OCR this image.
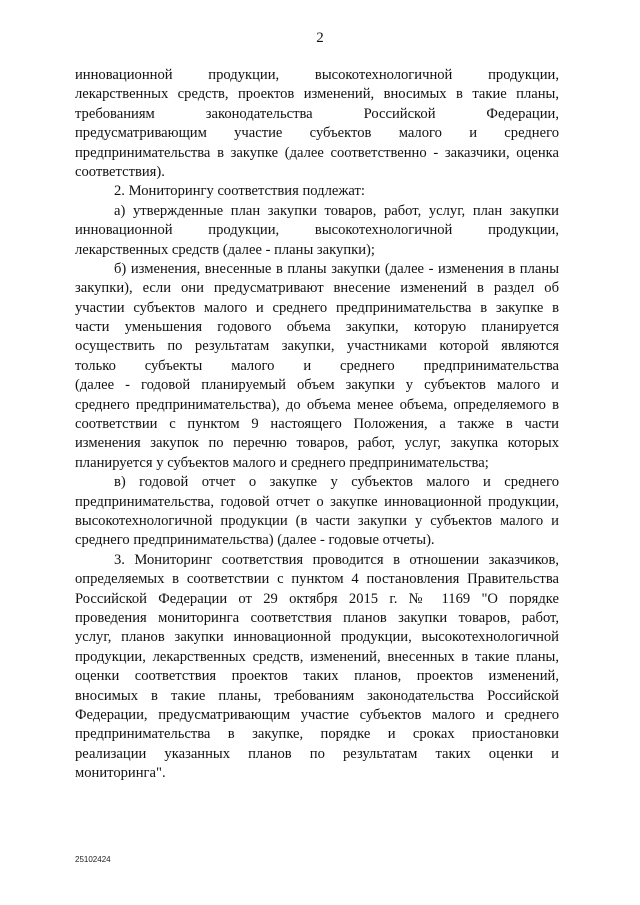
2
инновационной продукции, высокотехнологичной продукции,
лекарственных средств, проектов изменений, вносимых в такие планы,
требованиям законодательства Российской Федерации,
предусматривающим участие субъектов малого и среднего
предпринимательства в закупке (далее соответственно - заказчики, оценка
соответствия).
2. Мониторингу соответствия подлежат:
а) утвержденные план закупки товаров, работ, услуг, план закупки
инновационной продукции, высокотехнологичной продукции,
лекарственных средств (далее - планы закупки);
б) изменения, внесенные в планы закупки (далее - изменения в планы
закупки), если они предусматривают внесение изменений в раздел об
участии субъектов малого и среднего предпринимательства в закупке в
части уменьшения годового объема закупки, которую планируется
осуществить по результатам закупки, участниками которой являются
только субъекты малого и среднего предпринимательства
(далее - годовой планируемый объем закупки у субъектов малого и
среднего предпринимательства), до объема менее объема, определяемого в
соответствии с пунктом 9 настоящего Положения, а также в части
изменения закупок по перечню товаров, работ, услуг, закупка которых
планируется у субъектов малого и среднего предпринимательства;
в) годовой отчет о закупке у субъектов малого и среднего
предпринимательства, годовой отчет о закупке инновационной продукции,
высокотехнологичной продукции (в части закупки у субъектов малого и
среднего предпринимательства) (далее - годовые отчеты).
3. Мониторинг соответствия проводится в отношении заказчиков,
определяемых в соответствии с пунктом 4 постановления Правительства
Российской Федерации от 29 октября 2015 г. № 1169 "О порядке
проведения мониторинга соответствия планов закупки товаров, работ,
услуг, планов закупки инновационной продукции, высокотехнологичной
продукции, лекарственных средств, изменений, внесенных в такие планы,
оценки соответствия проектов таких планов, проектов изменений,
вносимых в такие планы, требованиям законодательства Российской
Федерации, предусматривающим участие субъектов малого и среднего
предпринимательства в закупке, порядке и сроках приостановки
реализации указанных планов по результатам таких оценки и
мониторинга".
25102424
